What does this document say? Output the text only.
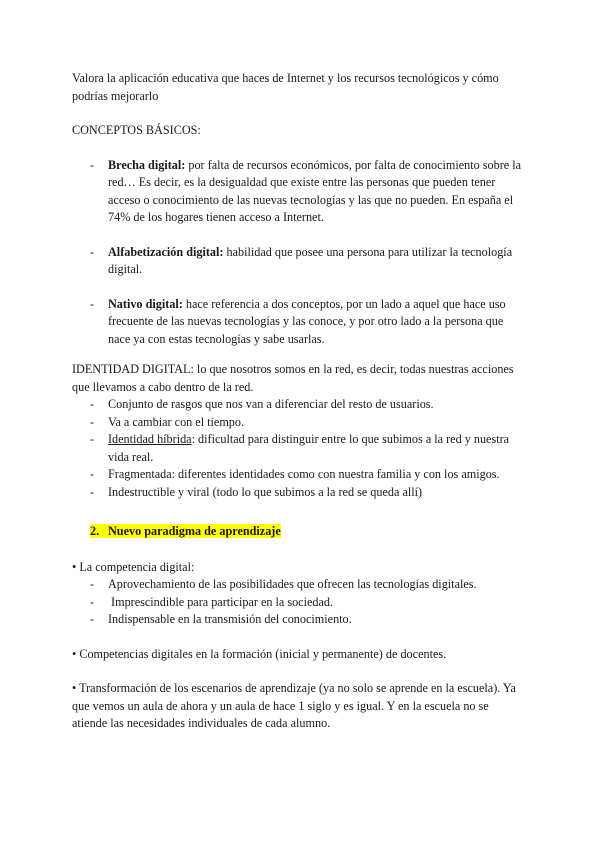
Valora la aplicación educativa que haces de Internet y los recursos tecnológicos y cómo podrías mejorarlo

CONCEPTOS BÁSICOS:

- Brecha digital: por falta de recursos económicos, por falta de conocimiento sobre la red… Es decir, es la desigualdad que existe entre las personas que pueden tener acceso o conocimiento de las nuevas tecnologías y las que no pueden. En españa el 74% de los hogares tienen acceso a Internet.
- Alfabetización digital: habilidad que posee una persona para utilizar la tecnología digital.
- Nativo digital: hace referencia a dos conceptos, por un lado a aquel que hace uso frecuente de las nuevas tecnologías y las conoce, y por otro lado a la persona que nace ya con estas tecnologías y sabe usarlas.

IDENTIDAD DIGITAL: lo que nosotros somos en la red, es decir, todas nuestras acciones que llevamos a cabo dentro de la red.

- Conjunto de rasgos que nos van a diferenciar del resto de usuarios.
- Va a cambiar con el tiempo.
- Identidad híbrida: dificultad para distinguir entre lo que subimos a la red y nuestra vida real.
- Fragmentada: diferentes identidades como con nuestra familia y con los amigos.
- Indestructible y viral (todo lo que subimos a la red se queda allí)

2. Nuevo paradigma de aprendizaje

• La competencia digital:

- Aprovechamiento de las posibilidades que ofrecen las tecnologías digitales.
- Imprescindible para participar en la sociedad.
- Indispensable en la transmisión del conocimiento.

• Competencias digitales en la formación (inicial y permanente) de docentes.

• Transformación de los escenarios de aprendizaje (ya no solo se aprende en la escuela). Ya que vemos un aula de ahora y un aula de hace 1 siglo y es igual. Y en la escuela no se atiende las necesidades individuales de cada alumno.
